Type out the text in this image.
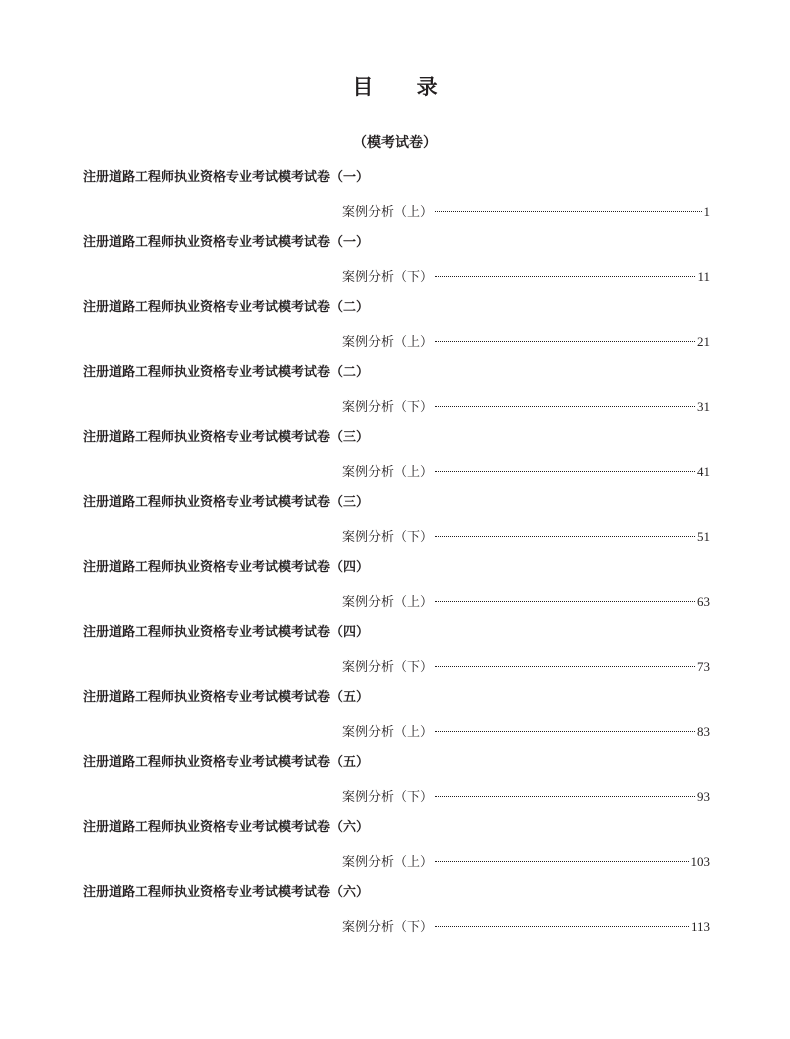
目 录
（模考试卷）
注册道路工程师执业资格专业考试模考试卷（一）
案例分析（上）	1
注册道路工程师执业资格专业考试模考试卷（一）
案例分析（下）	11
注册道路工程师执业资格专业考试模考试卷（二）
案例分析（上）	21
注册道路工程师执业资格专业考试模考试卷（二）
案例分析（下）	31
注册道路工程师执业资格专业考试模考试卷（三）
案例分析（上）	41
注册道路工程师执业资格专业考试模考试卷（三）
案例分析（下）	51
注册道路工程师执业资格专业考试模考试卷（四）
案例分析（上）	63
注册道路工程师执业资格专业考试模考试卷（四）
案例分析（下）	73
注册道路工程师执业资格专业考试模考试卷（五）
案例分析（上）	83
注册道路工程师执业资格专业考试模考试卷（五）
案例分析（下）	93
注册道路工程师执业资格专业考试模考试卷（六）
案例分析（上）	103
注册道路工程师执业资格专业考试模考试卷（六）
案例分析（下）	113
